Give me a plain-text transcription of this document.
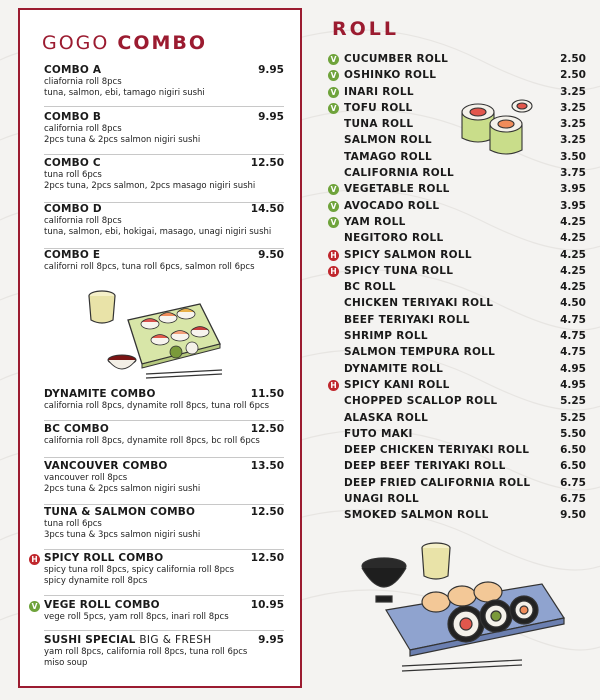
GOGO COMBO
COMBO A	9.95
cliafornia roll 8pcs
tuna, salmon, ebi, tamago nigiri sushi
COMBO B	9.95
california roll 8pcs
2pcs tuna & 2pcs salmon nigiri sushi
COMBO C	12.50
tuna roll 6pcs
2pcs tuna, 2pcs salmon, 2pcs masago nigiri sushi
COMBO D	14.50
california roll 8pcs
tuna, salmon, ebi, hokigai, masago, unagi nigiri sushi
COMBO E	9.50
californi roll 8pcs, tuna roll 6pcs, salmon roll 6pcs
DYNAMITE COMBO	11.50
california roll 8pcs, dynamite roll 8pcs, tuna roll 6pcs
BC COMBO	12.50
california roll 8pcs, dynamite roll 8pcs, bc roll 6pcs
VANCOUVER COMBO	13.50
vancouver roll 8pcs
2pcs tuna & 2pcs salmon nigiri sushi
TUNA & SALMON COMBO	12.50
tuna roll 6pcs
3pcs tuna & 3pcs salmon nigiri sushi
H SPICY ROLL COMBO	12.50
spicy tuna roll 8pcs, spicy california roll 8pcs
spicy dynamite roll 8pcs
V VEGE ROLL COMBO	10.95
vege roll 5pcs, yam roll 8pcs, inari roll 8pcs
SUSHI SPECIAL BIG & FRESH	9.95
yam roll 8pcs, california roll 8pcs, tuna roll 6pcs
miso soup
ROLL
V CUCUMBER ROLL	2.50
V OSHINKO ROLL	2.50
V INARI ROLL	3.25
V TOFU ROLL	3.25
TUNA ROLL	3.25
SALMON ROLL	3.25
TAMAGO ROLL	3.50
CALIFORNIA ROLL	3.75
V VEGETABLE ROLL	3.95
V AVOCADO ROLL	3.95
V YAM ROLL	4.25
NEGITORO ROLL	4.25
H SPICY SALMON ROLL	4.25
H SPICY TUNA ROLL	4.25
BC ROLL	4.25
CHICKEN TERIYAKI ROLL	4.50
BEEF TERIYAKI ROLL	4.75
SHRIMP ROLL	4.75
SALMON TEMPURA ROLL	4.75
DYNAMITE ROLL	4.95
H SPICY KANI ROLL	4.95
CHOPPED SCALLOP ROLL	5.25
ALASKA ROLL	5.25
FUTO MAKI	5.50
DEEP CHICKEN TERIYAKI ROLL	6.50
DEEP BEEF TERIYAKI ROLL	6.50
DEEP FRIED CALIFORNIA ROLL	6.75
UNAGI ROLL	6.75
SMOKED SALMON ROLL	9.50
